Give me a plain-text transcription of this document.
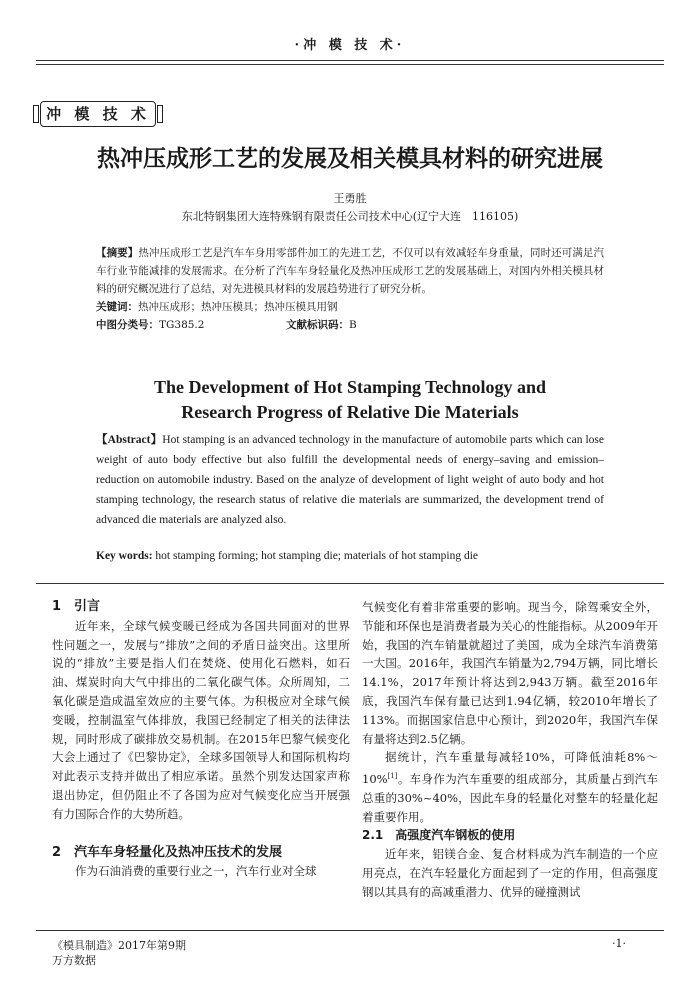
·冲 模 技 术·
冲 模 技 术
热冲压成形工艺的发展及相关模具材料的研究进展
王勇胜
东北特钢集团大连特殊钢有限责任公司技术中心(辽宁大连　116105)
【摘要】热冲压成形工艺是汽车车身用零部件加工的先进工艺，不仅可以有效减轻车身重量，同时还可满足汽车行业节能减排的发展需求。在分析了汽车车身轻量化及热冲压成形工艺的发展基础上，对国内外相关模具材料的研究概况进行了总结，对先进模具材料的发展趋势进行了研究分析。
关键词：热冲压成形；热冲压模具；热冲压模具用钢
中图分类号：TG385.2	文献标识码：B
The Development of Hot Stamping Technology and
Research Progress of Relative Die Materials
【Abstract】Hot stamping is an advanced technology in the manufacture of automobile parts which can lose weight of auto body effective but also fulfill the developmental needs of energy–saving and emission–reduction on automobile industry. Based on the analyze of development of light weight of auto body and hot stamping technology, the research status of relative die materials are summarized, the development trend of advanced die materials are analyzed also.
Key words: hot stamping forming; hot stamping die; materials of hot stamping die
1　引言

近年来，全球气候变暖已经成为各国共同面对的世界性问题之一，发展与“排放”之间的矛盾日益突出。这里所说的“排放”主要是指人们在焚烧、使用化石燃料，如石油、煤炭时向大气中排出的二氧化碳气体。众所周知，二氧化碳是造成温室效应的主要气体。为积极应对全球气候变暖，控制温室气体排放，我国已经制定了相关的法律法规，同时形成了碳排放交易机制。在2015年巴黎气候变化大会上通过了《巴黎协定》，全球多国领导人和国际机构均对此表示支持并做出了相应承诺。虽然个别发达国家声称退出协定，但仍阻止不了各国为应对气候变化应当开展强有力国际合作的大势所趋。

2　汽车车身轻量化及热冲压技术的发展

作为石油消费的重要行业之一，汽车行业对全球

气候变化有着非常重要的影响。现当今，除驾乘安全外，节能和环保也是消费者最为关心的性能指标。从2009年开始，我国的汽车销量就超过了美国，成为全球汽车消费第一大国。2016年，我国汽车销量为2,794万辆，同比增长14.1%，2017年预计将达到2,943万辆。截至2016年底，我国汽车保有量已达到1.94亿辆，较2010年增长了113%。而据国家信息中心预计，到2020年，我国汽车保有量将达到2.5亿辆。

据统计，汽车重量每减轻10%，可降低油耗8%～10%[1]。车身作为汽车重要的组成部分，其质量占到汽车总重的30%~40%，因此车身的轻量化对整车的轻量化起着重要作用。

2.1　高强度汽车钢板的使用

近年来，铝镁合金、复合材料成为汽车制造的一个应用亮点，在汽车轻量化方面起到了一定的作用，但高强度钢以其具有的高减重潜力、优异的碰撞测试

《模具制造》2017年第9期
万方数据
·1·
